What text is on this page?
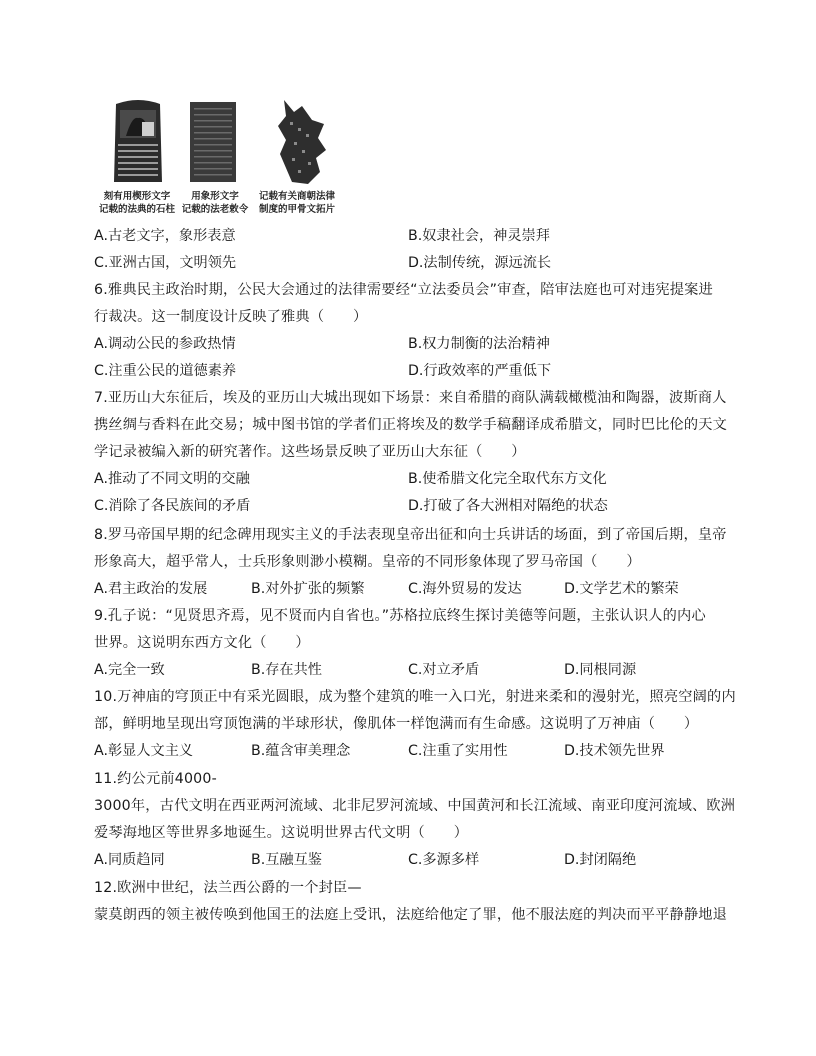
刻有用楔形文字
记载的法典的石柱
用象形文字
记载的法老敕令
记载有关商朝法律
制度的甲骨文拓片
A.古老文字，象形表意	B.奴隶社会，神灵崇拜
C.亚洲古国，文明领先	D.法制传统，源远流长
6.雅典民主政治时期，公民大会通过的法律需要经“立法委员会”审查，陪审法庭也可对违宪提案进
行裁决。这一制度设计反映了雅典（　　）
A.调动公民的参政热情	B.权力制衡的法治精神
C.注重公民的道德素养	D.行政效率的严重低下
7.亚历山大东征后，埃及的亚历山大城出现如下场景：来自希腊的商队满载橄榄油和陶器，波斯商人
携丝绸与香料在此交易；城中图书馆的学者们正将埃及的数学手稿翻译成希腊文，同时巴比伦的天文
学记录被编入新的研究著作。这些场景反映了亚历山大东征（　　）
A.推动了不同文明的交融	B.使希腊文化完全取代东方文化
C.消除了各民族间的矛盾	D.打破了各大洲相对隔绝的状态
8.罗马帝国早期的纪念碑用现实主义的手法表现皇帝出征和向士兵讲话的场面，到了帝国后期，皇帝
形象高大，超乎常人，士兵形象则渺小模糊。皇帝的不同形象体现了罗马帝国（　　）
A.君主政治的发展	B.对外扩张的频繁	C.海外贸易的发达	D.文学艺术的繁荣
9.孔子说：“见贤思齐焉，见不贤而内自省也。”苏格拉底终生探讨美德等问题，主张认识人的内心
世界。这说明东西方文化（　　）
A.完全一致	B.存在共性	C.对立矛盾	D.同根同源
10.万神庙的穹顶正中有采光圆眼，成为整个建筑的唯一入口光，射进来柔和的漫射光，照亮空阔的内
部，鲜明地呈现出穹顶饱满的半球形状，像肌体一样饱满而有生命感。这说明了万神庙（　　）
A.彰显人文主义	B.蕴含审美理念	C.注重了实用性	D.技术领先世界
11.约公元前4000-
3000年，古代文明在西亚两河流域、北非尼罗河流域、中国黄河和长江流域、南亚印度河流域、欧洲
爱琴海地区等世界多地诞生。这说明世界古代文明（　　）
A.同质趋同	B.互融互鉴	C.多源多样	D.封闭隔绝
12.欧洲中世纪，法兰西公爵的一个封臣—
蒙莫朗西的领主被传唤到他国王的法庭上受讯，法庭给他定了罪，他不服法庭的判决而平平静静地退
